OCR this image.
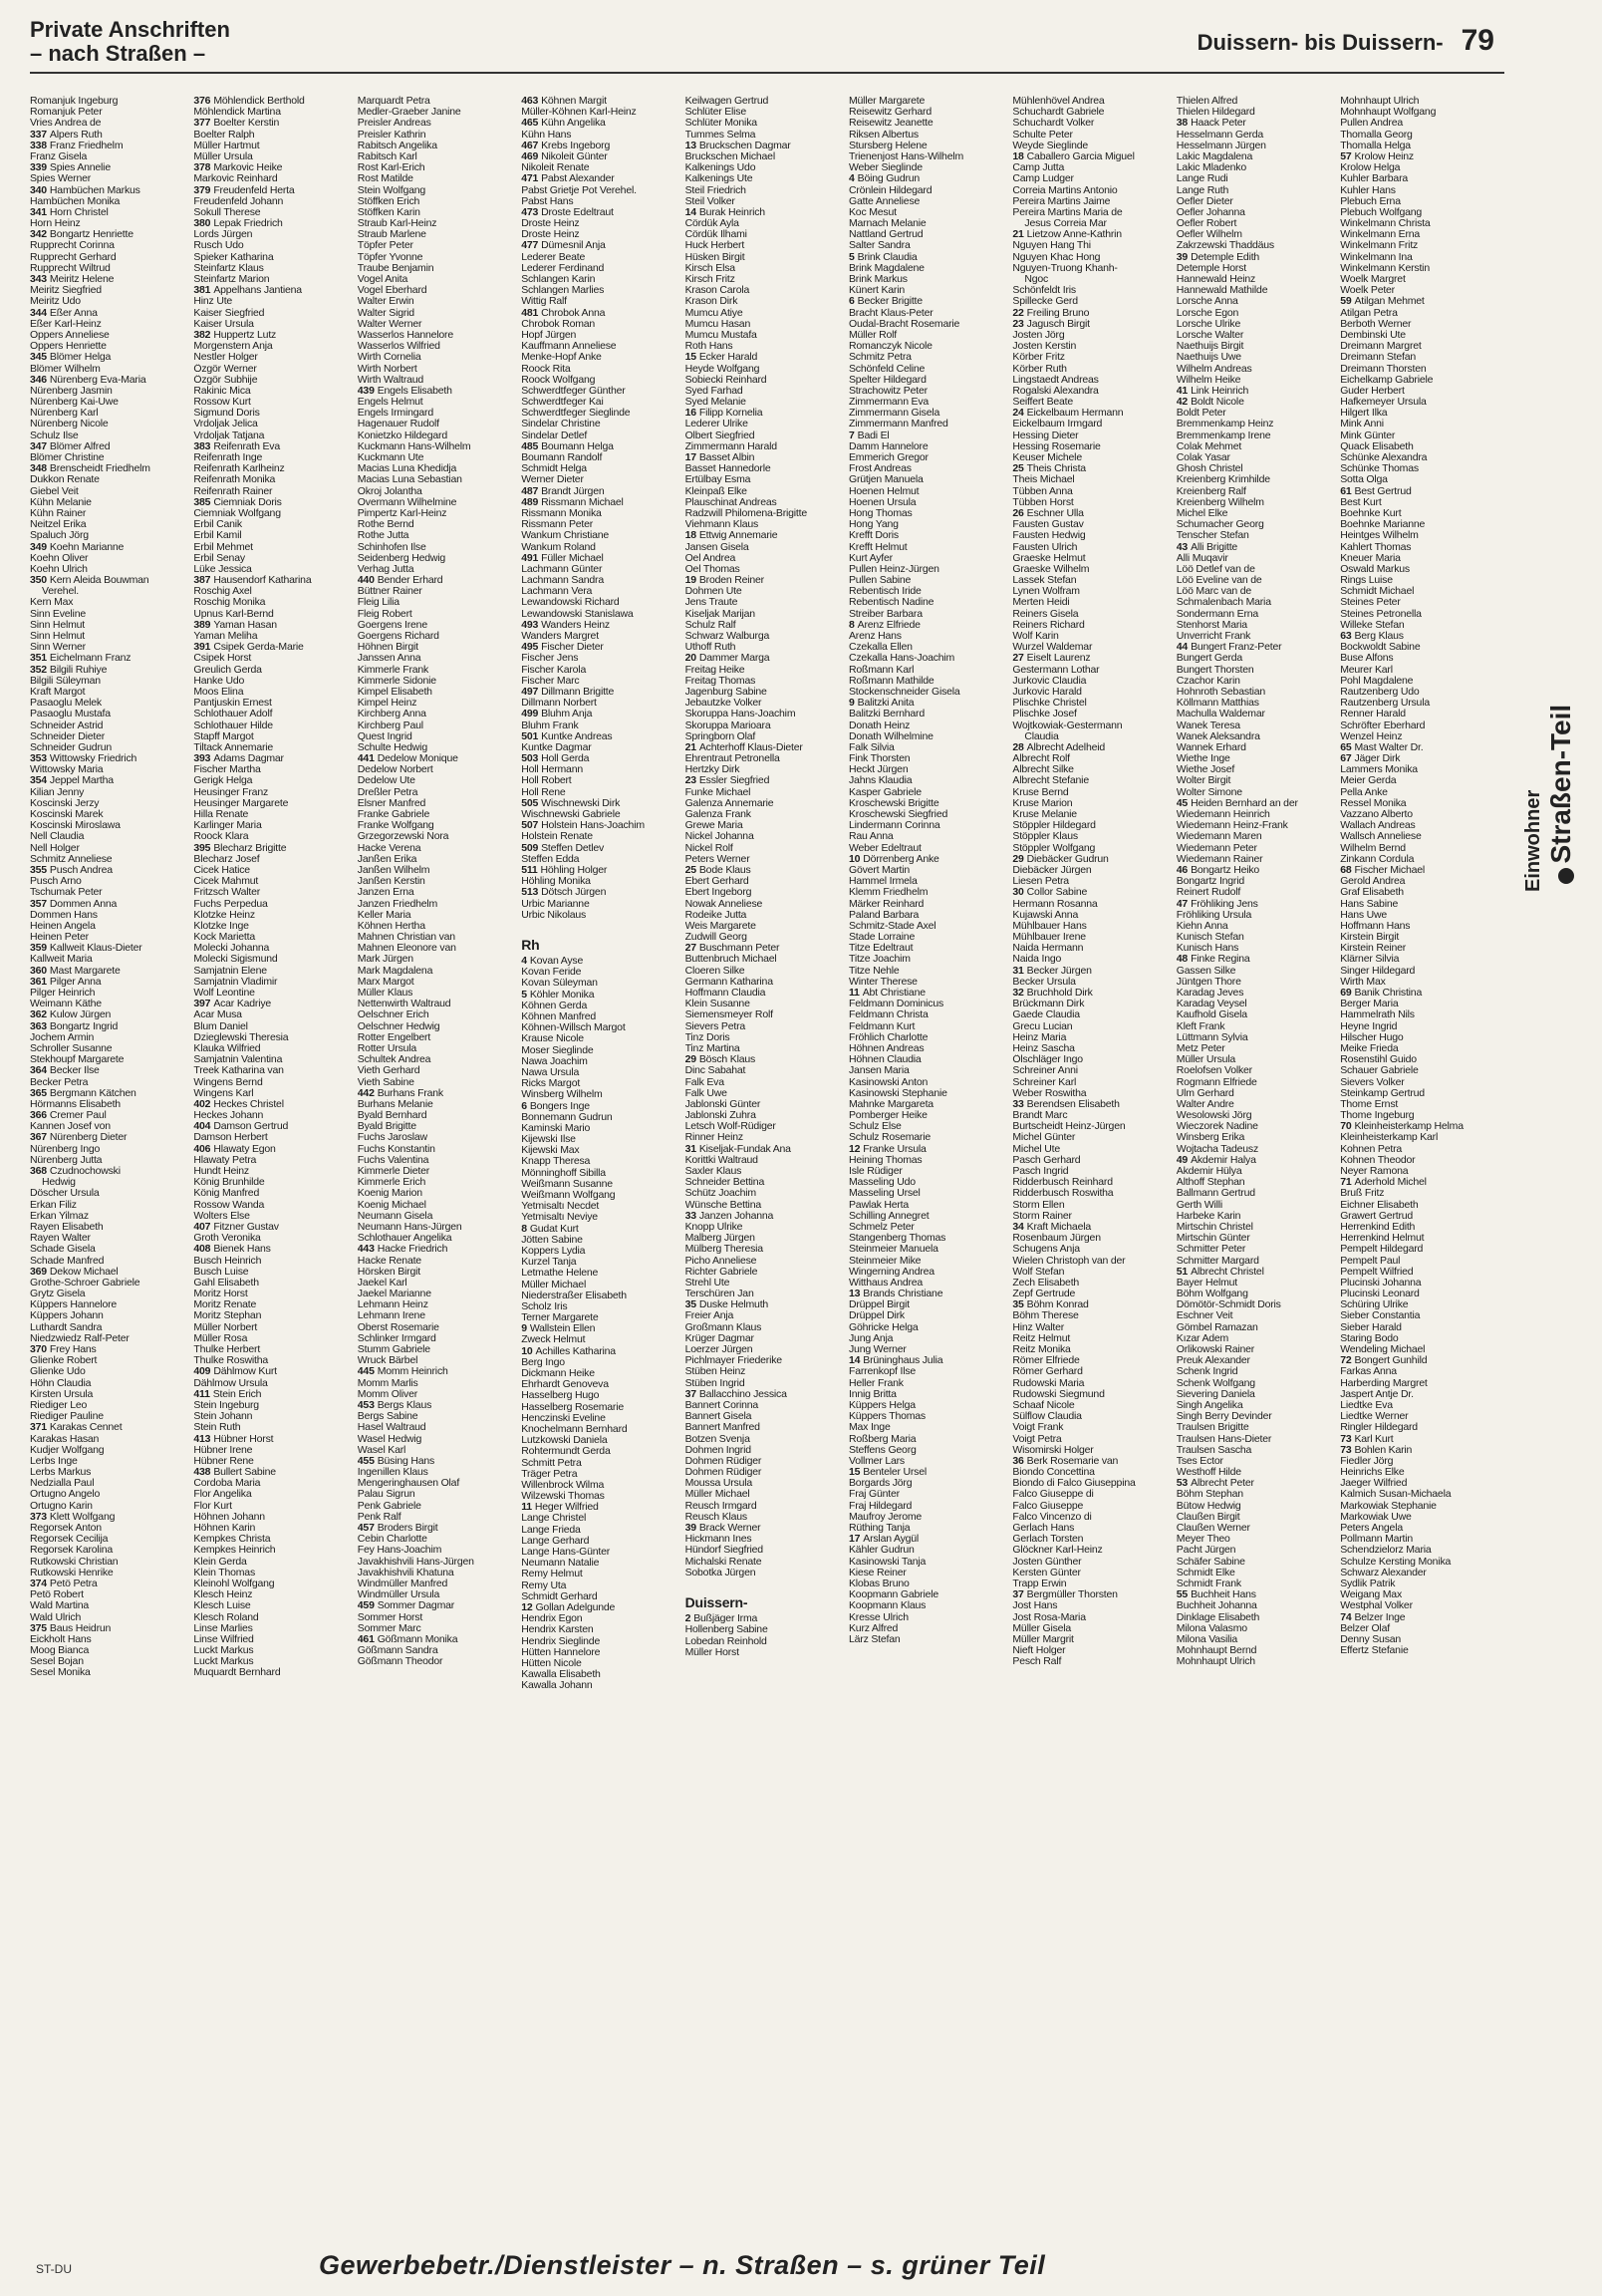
Private Anschriften
– nach Straßen –	Duissern- bis Duissern- 79
Romanjuk Ingeburg
Romanjuk Peter
Vries Andrea de
337 Alpers Ruth
338 Franz Friedhelm
Franz Gisela
339 Spies Annelie
Spies Werner
340 Hambüchen Markus
Hambüchen Monika
341 Horn Christel
Horn Heinz
342 Bongartz Henriette
Rupprecht Corinna
Rupprecht Gerhard
Rupprecht Wiltrud
343 Meiritz Helene
Meiritz Siegfried
Meiritz Udo
344 Eßer Anna
Eßer Karl-Heinz
Oppers Anneliese
Oppers Henriette
345 Blömer Helga
Blömer Wilhelm
346 Nürenberg Eva-Maria
Nürenberg Jasmin
Nürenberg Kai-Uwe
Nürenberg Karl
Nürenberg Nicole
Schulz Ilse
347 Blömer Alfred
Blömer Christine
348 Brenscheidt Friedhelm
Dukkon Renate
Giebel Veit
Kühn Melanie
Kühn Rainer
Neitzel Erika
Spaluch Jörg
349 Koehn Marianne
Koehn Oliver
Koehn Ulrich
350 Kern Aleida Bouwman
Verehel.
Kern Max
Sinn Eveline
Sinn Helmut
Sinn Helmut
Sinn Werner
351 Eichelmann Franz
352 Bilgili Ruhiye
Bilgili Süleyman
Kraft Margot
Pasaoglu Melek
Pasaoglu Mustafa
Schneider Astrid
Schneider Dieter
Schneider Gudrun
353 Wittowsky Friedrich
Wittowsky Maria
354 Jeppel Martha
Kilian Jenny
Koscinski Jerzy
Koscinski Marek
Koscinski Miroslawa
Nell Claudia
Nell Holger
Schmitz Anneliese
355 Pusch Andrea
Pusch Arno
Tschumak Peter
357 Dommen Anna
Dommen Hans
Heinen Angela
Heinen Peter
359 Kallweit Klaus-Dieter
Kallweit Maria
360 Mast Margarete
361 Pilger Anna
Pilger Heinrich
Weimann Käthe
362 Kulow Jürgen
363 Bongartz Ingrid
Jochem Armin
Schroller Susanne
Stekhoupf Margarete
364 Becker Ilse
Becker Petra
365 Bergmann Kätchen
Hörmanns Elisabeth
366 Cremer Paul
Kannen Josef von
367 Nürenberg Dieter
Nürenberg Ingo
Nürenberg Jutta
368 Czudnochowski
Hedwig
Döscher Ursula
Erkan Filiz
Erkan Yilmaz
Rayen Elisabeth
Rayen Walter
Schade Gisela
Schade Manfred
369 Dekow Michael
Grothe-Schroer Gabriele
Grytz Gisela
Küppers Hannelore
Küppers Johann
Luthardt Sandra
Niedzwiedz Ralf-Peter
370 Frey Hans
Glienke Robert
Glienke Udo
Höhn Claudia
Kirsten Ursula
Riediger Leo
Riediger Pauline
371 Karakas Cennet
Karakas Hasan
Kudjer Wolfgang
Lerbs Inge
Lerbs Markus
Nedzialla Paul
Ortugno Angelo
Ortugno Karin
373 Klett Wolfgang
Regorsek Anton
Regorsek Cecilija
Regorsek Karolina
Rutkowski Christian
Rutkowski Henrike
374 Petö Petra
Petö Robert
Wald Martina
Wald Ulrich
375 Baus Heidrun
Eickholt Hans
Moog Bianca
Sesel Bojan
Sesel Monika
376 Möhlendick Berthold
Möhlendick Martina
377 Boelter Kerstin
Boelter Ralph
Müller Hartmut
Müller Ursula
378 Markovic Heike
Markovic Reinhard
379 Freudenfeld Herta
Freudenfeld Johann
Sokull Therese
380 Lepak Friedrich
Lords Jürgen
Rusch Udo
Spieker Katharina
Steinfartz Klaus
Steinfartz Marion
381 Appelhans Jantiena
Hinz Ute
Kaiser Siegfried
Kaiser Ursula
382 Huppertz Lutz
Morgenstern Anja
Nestler Holger
Özgör Werner
Özgör Subhije
Rakinic Mica
Rossow Kurt
Sigmund Doris
Vrdoljak Jelica
Vrdoljak Tatjana
383 Reifenrath Eva
Reifenrath Inge
Reifenrath Karlheinz
Reifenrath Monika
Reifenrath Rainer
385 Ciemniak Doris
Ciemniak Wolfgang
Erbil Canik
Erbil Kamil
Erbil Mehmet
Erbil Senay
Lüke Jessica
387 Hausendorf Katharina
Roschig Axel
Roschig Monika
Upnus Karl-Bernd
389 Yaman Hasan
Yaman Meliha
391 Csipek Gerda-Marie
Csipek Horst
Greulich Gerda
Hanke Udo
Moos Elina
Pantjuskin Ernest
Schlothauer Adolf
Schlothauer Hilde
Stapff Margot
Tiltack Annemarie
393 Adams Dagmar
Fischer Martha
Gerigk Helga
Heusinger Franz
Heusinger Margarete
Hilla Renate
Karlinger Maria
Roock Klara
395 Blecharz Brigitte
Blecharz Josef
Cicek Hatice
Cicek Mahmut
Fritzsch Walter
Fuchs Perpedua
Klotzke Heinz
Klotzke Inge
Kock Marietta
Molecki Johanna
Molecki Sigismund
Samjatnin Elene
Samjatnin Vladimir
Wolf Leontine
397 Acar Kadriye
Acar Musa
Blum Daniel
Dzieglewski Theresia
Klauka Wilfried
Samjatnin Valentina
Treek Katharina van
Wingens Bernd
Wingens Karl
402 Heckes Christel
Heckes Johann
404 Damson Gertrud
Damson Herbert
406 Hlawaty Egon
Hlawaty Petra
Hundt Heinz
König Brunhilde
König Manfred
Rossow Wanda
Wolters Else
407 Fitzner Gustav
Groth Veronika
408 Bienek Hans
Busch Heinrich
Busch Luise
Gahl Elisabeth
Moritz Horst
Moritz Renate
Moritz Stephan
Müller Norbert
Müller Rosa
Thulke Herbert
Thulke Roswitha
409 Dählmow Kurt
Dählmow Ursula
411 Stein Erich
Stein Ingeburg
Stein Johann
Stein Ruth
413 Hübner Horst
Hübner Irene
Hübner Rene
438 Bullert Sabine
Cordoba Maria
Flor Angelika
Flor Kurt
Höhnen Johann
Höhnen Karin
Kempkes Christa
Kempkes Heinrich
Klein Gerda
Klein Thomas
Kleinohl Wolfgang
Klesch Heinz
Klesch Luise
Klesch Roland
Linse Marlies
Linse Wilfried
Luckt Markus
Luckt Markus
Muquardt Bernhard
Marquardt Petra
Medler-Graeber Janine
Preisler Andreas
Preisler Kathrin
Rabitsch Angelika
Rabitsch Karl
Rost Karl-Erich
Rost Matilde
Stein Wolfgang
Stöffken Erich
Stöffken Karin
Straub Karl-Heinz
Straub Marlene
Töpfer Peter
Töpfer Yvonne
Traube Benjamin
Vogel Anita
Vogel Eberhard
Walter Erwin
Walter Sigrid
Walter Werner
Wasserlos Hannelore
Wasserlos Wilfried
Wirth Cornelia
Wirth Norbert
Wirth Waltraud
439 Engels Elisabeth
Engels Helmut
Engels Irmingard
Hagenauer Rudolf
Konietzko Hildegard
Kuckmann Hans-Wilhelm
Kuckmann Ute
Macias Luna Khedidja
Macias Luna Sebastian
Okroj Jolantha
Overmann Wilhelmine
Pimpertz Karl-Heinz
Rothe Bernd
Rothe Jutta
Schinhofen Ilse
Seidenberg Hedwig
Verhag Jutta
440 Bender Erhard
Büttner Rainer
Fleig Lilia
Fleig Robert
Goergens Irene
Goergens Richard
Höhnen Birgit
Janssen Anna
Kimmerle Frank
Kimmerle Sidonie
Kimpel Elisabeth
Kimpel Heinz
Kirchberg Anna
Kirchberg Paul
Quest Ingrid
Schulte Hedwig
441 Dedelow Monique
Dedelow Norbert
Dedelow Ute
Dreßler Petra
Elsner Manfred
Franke Gabriele
Franke Wolfgang
Grzegorzewski Nora
Hacke Verena
Janßen Erika
Janßen Wilhelm
Janßen Kerstin
Janzen Erna
Janzen Friedhelm
Keller Maria
Köhnen Hertha
Mahnen Christian van
Mahnen Eleonore van
Mark Jürgen
Mark Magdalena
Marx Margot
Müller Klaus
Nettenwirth Waltraud
Oelschner Erich
Oelschner Hedwig
Rotter Engelbert
Rotter Ursula
Schultek Andrea
Vieth Gerhard
Vieth Sabine
442 Burhans Frank
Burhans Melanie
Byald Bernhard
Byald Brigitte
Fuchs Jaroslaw
Fuchs Konstantin
Fuchs Valentina
Kimmerle Dieter
Kimmerle Erich
Koenig Marion
Koenig Michael
Neumann Gisela
Neumann Hans-Jürgen
Schlothauer Angelika
443 Hacke Friedrich
Hacke Renate
Hörsken Birgit
Jaekel Karl
Jaekel Marianne
Lehmann Heinz
Lehmann Irene
Oberst Rosemarie
Schlinker Irmgard
Stumm Gabriele
Wruck Bärbel
445 Momm Heinrich
Momm Marlis
Momm Oliver
453 Bergs Klaus
Bergs Sabine
Hasel Waltraud
Wasel Hedwig
Wasel Karl
455 Büsing Hans
Ingenillen Klaus
Mengeringhausen Olaf
Palau Sigrun
Penk Gabriele
Penk Ralf
457 Broders Birgit
Cebin Charlotte
Fey Hans-Joachim
Javakhishvili Hans-Jürgen
Javakhishvili Khatuna
Windmüller Manfred
Windmüller Ursula
459 Sommer Dagmar
Sommer Horst
Sommer Marc
461 Gößmann Monika
Gößmann Sandra
Gößmann Theodor
463 Köhnen Margit
Müller-Köhnen Karl-Heinz
465 Kühn Angelika
Kühn Hans
467 Krebs Ingeborg
469 Nikoleit Günter
Nikoleit Renate
471 Pabst Alexander
Pabst Grietje Pot Verehel.
Pabst Hans
473 Droste Edeltraut
Droste Heinz
Droste Heinz
477 Dümesnil Anja
Lederer Beate
Lederer Ferdinand
Schlangen Karin
Schlangen Marlies
Wittig Ralf
481 Chrobok Anna
Chrobok Roman
Hopf Jürgen
Kauffmann Anneliese
Menke-Hopf Anke
Roock Rita
Roock Wolfgang
Schwerdtfeger Günther
Schwerdtfeger Kai
Schwerdtfeger Sieglinde
Sindelar Christine
Sindelar Detlef
485 Boumann Helga
Boumann Randolf
Schmidt Helga
Werner Dieter
487 Brandt Jürgen
489 Rissmann Michael
Rissmann Monika
Rissmann Peter
Wankum Christiane
Wankum Roland
491 Füller Michael
Lachmann Günter
Lachmann Sandra
Lachmann Vera
Lewandowski Richard
Lewandowski Stanislawa
493 Wanders Heinz
Wanders Margret
495 Fischer Dieter
Fischer Jens
Fischer Karola
Fischer Marc
497 Dillmann Brigitte
Dillmann Norbert
499 Bluhm Anja
Bluhm Frank
501 Kuntke Andreas
Kuntke Dagmar
503 Holl Gerda
Holl Hermann
Holl Robert
Holl Rene
505 Wischnewski Dirk
Wischnewski Gabriele
507 Holstein Hans-Joachim
Holstein Renate
509 Steffen Detlev
Steffen Edda
511 Höhling Holger
Höhling Monika
513 Dötsch Jürgen
Urbic Marianne
Urbic Nikolaus

Rh
4 Kovan Ayse
Kovan Feride
Kovan Süleyman
5 Köhler Monika
Köhnen Gerda
Köhnen Manfred
Köhnen-Willsch Margot
Krause Nicole
Moser Sieglinde
Nawa Joachim
Nawa Ursula
Ricks Margot
Winsberg Wilhelm
6 Bongers Inge
Bonnemann Gudrun
Kaminski Mario
Kijewski Ilse
Kijewski Max
Knapp Theresa
Mönninghoff Sibilla
Weißmann Susanne
Weißmann Wolfgang
Yetmisaltı Necdet
Yetmisaltı Neviye
8 Gudat Kurt
Jötten Sabine
Koppers Lydia
Kurzel Tanja
Letmathe Helene
Müller Michael
Niederstraßer Elisabeth
Scholz Iris
Terner Margarete
9 Wallstein Ellen
Zweck Helmut
10 Achilles Katharina
Berg Ingo
Dickmann Heike
Ehrhardt Genoveva
Hasselberg Hugo
Hasselberg Rosemarie
Henczinski Eveline
Knochelmann Bernhard
Lutzkowski Daniela
Rohtermundt Gerda
Schmitt Petra
Träger Petra
Willenbrock Wilma
Wilzewski Thomas
11 Heger Wilfried
Lange Christel
Lange Frieda
Lange Gerhard
Lange Hans-Günter
Neumann Natalie
Remy Helmut
Remy Uta
Schmidt Gerhard
12 Gollan Adelgunde
Hendrix Egon
Hendrix Karsten
Hendrix Sieglinde
Hütten Hannelore
Hütten Nicole
Kawalla Elisabeth
Kawalla Johann
Keilwagen Gertrud
Schlüter Elise
Schlüter Monika
Tummes Selma
13 Bruckschen Dagmar
Bruckschen Michael
Kalkenings Udo
Kalkenings Ute
Steil Friedrich
Steil Volker
14 Burak Heinrich
Cördük Ayla
Cördük İlhami
Huck Herbert
Hüsken Birgit
Kirsch Elsa
Kirsch Fritz
Krason Carola
Krason Dirk
Mumcu Atiye
Mumcu Hasan
Mumcu Mustafa
Roth Hans
15 Ecker Harald
Heyde Wolfgang
Sobiecki Reinhard
Syed Farhad
Syed Melanie
16 Filipp Kornelia
Lederer Ulrike
Olbert Siegfried
Zimmermann Harald
17 Basset Albin
Basset Hannedorle
Ertülbay Esma
Kleinpaß Elke
Plauschinat Andreas
Radzwill Philomena-Brigitte
Viehmann Klaus
18 Ettwig Annemarie
Jansen Gisela
Oel Andrea
Oel Thomas
19 Broden Reiner
Dohmen Ute
Jens Traute
Kiseljak Marijan
Schulz Ralf
Schwarz Walburga
Uthoff Ruth
20 Dammer Marga
Freitag Heike
Freitag Thomas
Jagenburg Sabine
Jebautzke Volker
Skoruppa Hans-Joachim
Skoruppa Marioara
Springborn Olaf
21 Achterhoff Klaus-Dieter
Ehrentraut Petronella
Hertzky Dirk
23 Essler Siegfried
Funke Michael
Galenza Annemarie
Galenza Frank
Grewe Maria
Nickel Johanna
Nickel Rolf
Peters Werner
25 Bode Klaus
Ebert Gerhard
Ebert Ingeborg
Nowak Anneliese
Rodeike Jutta
Weis Margarete
Zudwill Georg
27 Buschmann Peter
Buttenbruch Michael
Cloeren Silke
Germann Katharina
Hoffmann Claudia
Klein Susanne
Siemensmeyer Rolf
Sievers Petra
Tinz Doris
Tinz Martina
29 Bösch Klaus
Dinc Sabahat
Falk Eva
Falk Uwe
Jablonski Günter
Jablonski Zuhra
Letsch Wolf-Rüdiger
Rinner Heinz
31 Kiseljak-Fundak Ana
Korittki Waltraud
Saxler Klaus
Schneider Bettina
Schütz Joachim
Wünsche Bettina
33 Janzen Johanna
Knopp Ulrike
Malberg Jürgen
Mülberg Theresia
Picho Anneliese
Richter Gabriele
Strehl Ute
Terschüren Jan
35 Duske Helmuth
Freier Anja
Großmann Klaus
Krüger Dagmar
Loerzer Jürgen
Pichlmayer Friederike
Stüben Heinz
Stüben Ingrid
37 Ballacchino Jessica
Bannert Corinna
Bannert Gisela
Bannert Manfred
Botzen Svenja
Dohmen Ingrid
Dohmen Rüdiger
Dohmen Rüdiger
Moussa Ursula
Müller Michael
Reusch Irmgard
Reusch Klaus
39 Brack Werner
Hickmann Ines
Hündorf Siegfried
Michalski Renate
Sobotka Jürgen

Duissern-
2 Bußjäger Irma
Hollenberg Sabine
Lobedan Reinhold
Müller Horst
Müller Margarete
Reisewitz Gerhard
Reisewitz Jeanette
Riksen Albertus
Stursberg Helene
Trienenjost Hans-Wilhelm
Weber Sieglinde
4 Böing Gudrun
Crönlein Hildegard
Gatte Anneliese
Koc Mesut
Marnach Melanie
Nattland Gertrud
Salter Sandra
5 Brink Claudia
Brink Magdalene
Brink Markus
Künert Karin
6 Becker Brigitte
Bracht Klaus-Peter
Oudal-Bracht Rosemarie
Müller Rolf
Romanczyk Nicole
Schmitz Petra
Schönfeld Celine
Spelter Hildegard
Strachowitz Peter
Zimmermann Eva
Zimmermann Gisela
Zimmermann Manfred
7 Badi El
Damm Hannelore
Emmerich Gregor
Frost Andreas
Grütjen Manuela
Hoenen Helmut
Hoenen Ursula
Hong Thomas
Hong Yang
Krefft Doris
Krefft Helmut
Kurt Ayfer
Pullen Heinz-Jürgen
Pullen Sabine
Rebentisch Iride
Rebentisch Nadine
Streiber Barbara
8 Arenz Elfriede
Arenz Hans
Czekalla Ellen
Czekalla Hans-Joachim
Roßmann Karl
Roßmann Mathilde
Stockenschneider Gisela
9 Balitzki Anita
Balitzki Bernhard
Donath Heinz
Donath Wilhelmine
Falk Silvia
Fink Thorsten
Heckt Jürgen
Jahns Klaudia
Kasper Gabriele
Kroschewski Brigitte
Kroschewski Siegfried
Lindermann Corinna
Rau Anna
Weber Edeltraut
10 Dörrenberg Anke
Gövert Martin
Hammel Irmela
Klemm Friedhelm
Märker Reinhard
Paland Barbara
Schmitz-Stade Axel
Stade Lorraine
Titze Edeltraut
Titze Joachim
Titze Nehle
Winter Therese
11 Abt Christiane
Feldmann Dominicus
Feldmann Christa
Feldmann Kurt
Fröhlich Charlotte
Höhnen Andreas
Höhnen Claudia
Jansen Maria
Kasinowski Anton
Kasinowski Stephanie
Mahnke Margareta
Pomberger Heike
Schulz Else
Schulz Rosemarie
12 Franke Ursula
Heining Thomas
Isle Rüdiger
Masseling Udo
Masseling Ursel
Pawlak Herta
Schilling Annegret
Schmelz Peter
Stangenberg Thomas
Steinmeier Manuela
Steinmeier Mike
Wingerning Andrea
Witthaus Andrea
13 Brands Christiane
Drüppel Birgit
Drüppel Dirk
Göhricke Helga
Jung Anja
Jung Werner
14 Brüninghaus Julia
Farrenkopf Ilse
Heller Frank
Innig Britta
Küppers Helga
Küppers Thomas
Max Inge
Roßberg Maria
Steffens Georg
Vollmer Lars
15 Benteler Ursel
Borgards Jörg
Fraj Günter
Fraj Hildegard
Maufroy Jerome
Rüthing Tanja
17 Arslan Aygül
Kähler Gudrun
Kasinowski Tanja
Kiese Reiner
Klobas Bruno
Koopmann Gabriele
Koopmann Klaus
Kresse Ulrich
Kurz Alfred
Lärz Stefan
Mühlenhövel Andrea
Schuchardt Gabriele
Schuchardt Volker
Schulte Peter
Weyde Sieglinde
18 Caballero Garcia Miguel
Camp Jutta
Camp Ludger
Correia Martins Antonio
Pereira Martins Jaime
Pereira Martins Maria de
Jesus Correia Mar
21 Lietzow Anne-Kathrin
Nguyen Hang Thi
Nguyen Khac Hong
Nguyen-Truong Khanh-
Ngoc
Schönfeldt Iris
Spillecke Gerd
22 Freiling Bruno
23 Jagusch Birgit
Josten Jörg
Josten Kerstin
Körber Fritz
Körber Ruth
Lingstaedt Andreas
Rogalski Alexandra
Seiffert Beate
24 Eickelbaum Hermann
Eickelbaum Irmgard
Hessing Dieter
Hessing Rosemarie
Keuser Michele
25 Theis Christa
Theis Michael
Tübben Anna
Tübben Horst
26 Eschner Ulla
Fausten Gustav
Fausten Hedwig
Fausten Ulrich
Graeske Helmut
Graeske Wilhelm
Lassek Stefan
Lynen Wolfram
Merten Heidi
Reiners Gisela
Reiners Richard
Wolf Karin
Wurzel Waldemar
27 Eiselt Laurenz
Gestermann Lothar
Jurkovic Claudia
Jurkovic Harald
Plischke Christel
Plischke Josef
Wojtkowiak-Gestermann
Claudia
28 Albrecht Adelheid
Albrecht Rolf
Albrecht Silke
Albrecht Stefanie
Kruse Bernd
Kruse Marion
Kruse Melanie
Stöppler Hildegard
Stöppler Klaus
Stöppler Wolfgang
29 Diebäcker Gudrun
Diebäcker Jürgen
Liesen Petra
30 Collor Sabine
Hermann Rosanna
Kujawski Anna
Mühlbauer Hans
Mühlbauer Irene
Naida Hermann
Naida Ingo
31 Becker Jürgen
Becker Ursula
32 Bruchhold Dirk
Brückmann Dirk
Gaede Claudia
Grecu Lucian
Heinz Maria
Heinz Sascha
Ölschläger Ingo
Schreiner Anni
Schreiner Karl
Weber Roswitha
33 Berendsen Elisabeth
Brandt Marc
Burtscheidt Heinz-Jürgen
Michel Günter
Michel Ute
Pasch Gerhard
Pasch Ingrid
Ridderbusch Reinhard
Ridderbusch Roswitha
Storm Ellen
Storm Rainer
34 Kraft Michaela
Rosenbaum Jürgen
Schugens Anja
Wielen Christoph van der
Wolf Stefan
Zech Elisabeth
Zepf Gertrude
35 Böhm Konrad
Böhm Therese
Hinz Walter
Reitz Helmut
Reitz Monika
Römer Elfriede
Römer Gerhard
Rudowski Maria
Rudowski Siegmund
Schaaf Nicole
Sülflow Claudia
Voigt Frank
Voigt Petra
Wisomirski Holger
36 Berk Rosemarie van
Biondo Concettina
Biondo di Falco Giuseppina
Falco Giuseppe di
Falco Giuseppe
Falco Vincenzo di
Gerlach Hans
Gerlach Torsten
Glöckner Karl-Heinz
Josten Günther
Kersten Günter
Trapp Erwin
37 Bergmüller Thorsten
Jost Hans
Jost Rosa-Maria
Müller Gisela
Müller Margrit
Nieft Holger
Pesch Ralf
Thielen Alfred
Thielen Hildegard
38 Haack Peter
Hesselmann Gerda
Hesselmann Jürgen
Lakic Magdalena
Lakic Mladenko
Lange Rudi
Lange Ruth
Oefler Dieter
Oefler Johanna
Oefler Robert
Oefler Wilhelm
Zakrzewski Thaddäus
39 Detemple Edith
Detemple Horst
Hannewald Heinz
Hannewald Mathilde
Lorsche Anna
Lorsche Egon
Lorsche Ulrike
Lorsche Walter
Naethuijs Birgit
Naethuijs Uwe
Wilhelm Andreas
Wilhelm Heike
41 Link Heinrich
42 Boldt Nicole
Boldt Peter
Bremmenkamp Heinz
Bremmenkamp Irene
Colak Mehmet
Colak Yasar
Ghosh Christel
Kreienberg Krimhilde
Kreienberg Ralf
Kreienberg Wilhelm
Michel Elke
Schumacher Georg
Tenscher Stefan
43 Alli Brigitte
Alli Muqavir
Löö Detlef van de
Löö Eveline van de
Löö Marc van de
Schmalenbach Maria
Sondermann Erna
Stenhorst Maria
Unverricht Frank
44 Bungert Franz-Peter
Bungert Gerda
Bungert Thorsten
Czachor Karin
Hohnroth Sebastian
Köllmann Matthias
Machulla Waldemar
Wanek Teresa
Wanek Aleksandra
Wannek Erhard
Wiethe Inge
Wiethe Josef
Wolter Birgit
Wolter Simone
45 Heiden Bernhard an der
Wiedemann Heinrich
Wiedemann Heinz-Frank
Wiedemann Maren
Wiedemann Peter
Wiedemann Rainer
46 Bongartz Heiko
Bongartz Ingrid
Reinert Rudolf
47 Fröhliking Jens
Fröhliking Ursula
Kiehn Anna
Kunisch Stefan
Kunisch Hans
48 Finke Regina
Gassen Silke
Jüntgen Thore
Karadag Jeves
Karadag Veysel
Kaufhold Gisela
Kleft Frank
Lüttmann Sylvia
Metz Peter
Müller Ursula
Roelofsen Volker
Rogmann Elfriede
Ulm Gerhard
Walter Andre
Wesolowski Jörg
Wieczorek Nadine
Winsberg Erika
Wojtacha Tadeusz
49 Akdemir Halya
Akdemir Hülya
Althoff Stephan
Ballmann Gertrud
Gerth Willi
Harbeke Karin
Mirtschin Christel
Mirtschin Günter
Schmitter Peter
Schmitter Margard
51 Albrecht Christel
Bayer Helmut
Böhm Wolfgang
Dömötör-Schmidt Doris
Eschner Veit
Gömbel Ramazan
Kızar Adem
Orlikowski Rainer
Preuk Alexander
Schenk Ingrid
Schenk Wolfgang
Sievering Daniela
Singh Angelika
Singh Berry Devinder
Traulsen Brigitte
Traulsen Hans-Dieter
Traulsen Sascha
Tses Ector
Westhoff Hilde
53 Albrecht Peter
Böhm Stephan
Bütow Hedwig
Claußen Birgit
Claußen Werner
Meyer Theo
Pacht Jürgen
Schäfer Sabine
Schmidt Elke
Schmidt Frank
55 Buchheit Hans
Buchheit Johanna
Dinklage Elisabeth
Milona Valasmo
Milona Vasilia
Mohnhaupt Bernd
Mohnhaupt Ulrich
Mohnhaupt Ulrich
Mohnhaupt Wolfgang
Pullen Andrea
Thomalla Georg
Thomalla Helga
57 Krolow Heinz
Krolow Helga
Kuhler Barbara
Kuhler Hans
Plebuch Erna
Plebuch Wolfgang
Winkelmann Christa
Winkelmann Erna
Winkelmann Fritz
Winkelmann Ina
Winkelmann Kerstin
Woelk Margret
Woelk Peter
59 Atilgan Mehmet
Atilgan Petra
Berboth Werner
Dembinski Ute
Dreimann Margret
Dreimann Stefan
Dreimann Thorsten
Eichelkamp Gabriele
Guder Herbert
Hafkemeyer Ursula
Hilgert Ilka
Mink Anni
Mink Günter
Quack Elisabeth
Schünke Alexandra
Schünke Thomas
Sotta Olga
61 Best Gertrud
Best Kurt
Boehnke Kurt
Boehnke Marianne
Heintges Wilhelm
Kahlert Thomas
Kneuer Maria
Oswald Markus
Rings Luise
Schmidt Michael
Steines Peter
Steines Petronella
Willeke Stefan
63 Berg Klaus
Bockwoldt Sabine
Buse Alfons
Meurer Karl
Pohl Magdalene
Rautzenberg Udo
Rautzenberg Ursula
Renner Harald
Schröfter Eberhard
Wenzel Heinz
65 Mast Walter Dr.
67 Jäger Dirk
Lammers Monika
Meier Gerda
Pella Anke
Ressel Monika
Vazzano Alberto
Wallach Andreas
Wallsch Anneliese
Wilhelm Bernd
Zinkann Cordula
68 Fischer Michael
Gerold Andrea
Graf Elisabeth
Hans Sabine
Hans Uwe
Hoffmann Hans
Kirstein Birgit
Kirstein Reiner
Klärner Silvia
Singer Hildegard
Wirth Max
69 Banik Christina
Berger Maria
Hammelrath Nils
Heyne Ingrid
Hilscher Hugo
Meike Frieda
Rosenstihl Guido
Schauer Gabriele
Sievers Volker
Steinkamp Gertrud
Thome Ernst
Thome Ingeburg
70 Kleinheisterkamp Helma
Kleinheisterkamp Karl
Kohnen Petra
Kohnen Theodor
Neyer Ramona
71 Aderhold Michel
Bruß Fritz
Eichner Elisabeth
Grawert Gertrud
Herrenkind Edith
Herrenkind Helmut
Pempelt Hildegard
Pempelt Paul
Pempelt Wilfried
Plucinski Johanna
Plucinski Leonard
Schüring Ulrike
Sieber Constantia
Sieber Harald
Staring Bodo
Wendeling Michael
72 Bongert Gunhild
Farkas Anna
Harberding Margret
Jaspert Antje Dr.
Liedtke Eva
Liedtke Werner
Ringler Hildegard
73 Karl Kurt
73 Bohlen Karin
Fiedler Jörg
Heinrichs Elke
Jaeger Wilfried
Kalmich Susan-Michaela
Markowiak Stephanie
Markowiak Uwe
Peters Angela
Pollmann Martin
Schendzielorz Maria
Schulze Kersting Monika
Schwarz Alexander
Sydlik Patrik
Weigang Max
Westphal Volker
74 Belzer Inge
Belzer Olaf
Denny Susan
Effertz Stefanie
Einwohner
Straßen-Teil
ST-DU	Gewerbebetr./Dienstleister – n. Straßen – s. grüner Teil
